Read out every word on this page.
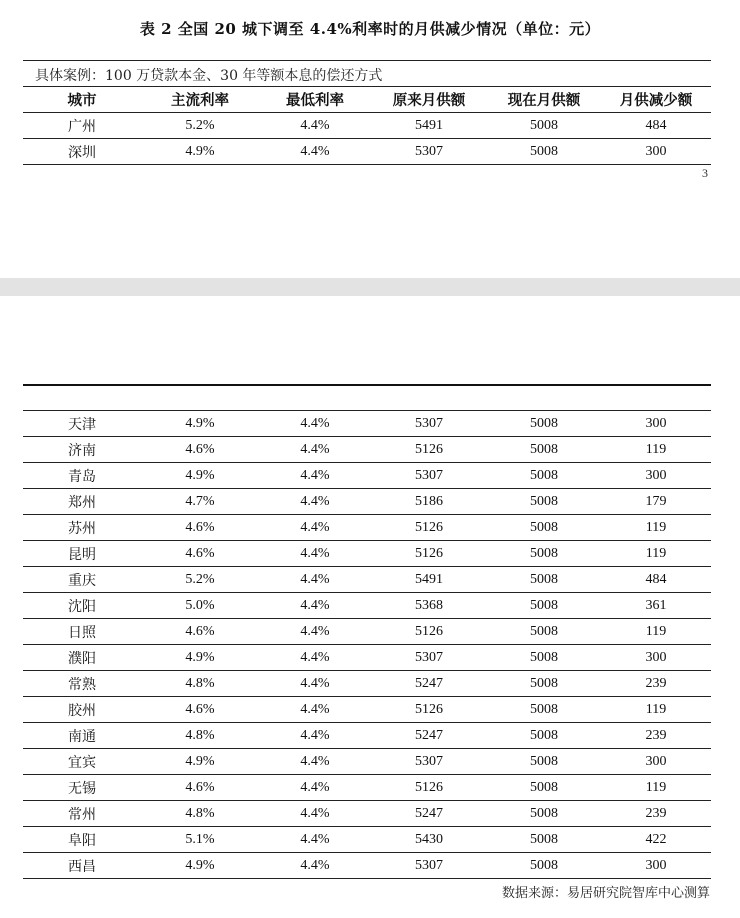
表 2 全国 20 城下调至 4.4%利率时的月供减少情况（单位：元）
具体案例：100 万贷款本金、30 年等额本息的偿还方式
城市	主流利率	最低利率	原来月供额	现在月供额	月供减少额
广州	5.2%	4.4%	5491	5008	484
深圳	4.9%	4.4%	5307	5008	300
3
天津	4.9%	4.4%	5307	5008	300
济南	4.6%	4.4%	5126	5008	119
青岛	4.9%	4.4%	5307	5008	300
郑州	4.7%	4.4%	5186	5008	179
苏州	4.6%	4.4%	5126	5008	119
昆明	4.6%	4.4%	5126	5008	119
重庆	5.2%	4.4%	5491	5008	484
沈阳	5.0%	4.4%	5368	5008	361
日照	4.6%	4.4%	5126	5008	119
濮阳	4.9%	4.4%	5307	5008	300
常熟	4.8%	4.4%	5247	5008	239
胶州	4.6%	4.4%	5126	5008	119
南通	4.8%	4.4%	5247	5008	239
宜宾	4.9%	4.4%	5307	5008	300
无锡	4.6%	4.4%	5126	5008	119
常州	4.8%	4.4%	5247	5008	239
阜阳	5.1%	4.4%	5430	5008	422
西昌	4.9%	4.4%	5307	5008	300
数据来源：易居研究院智库中心测算
